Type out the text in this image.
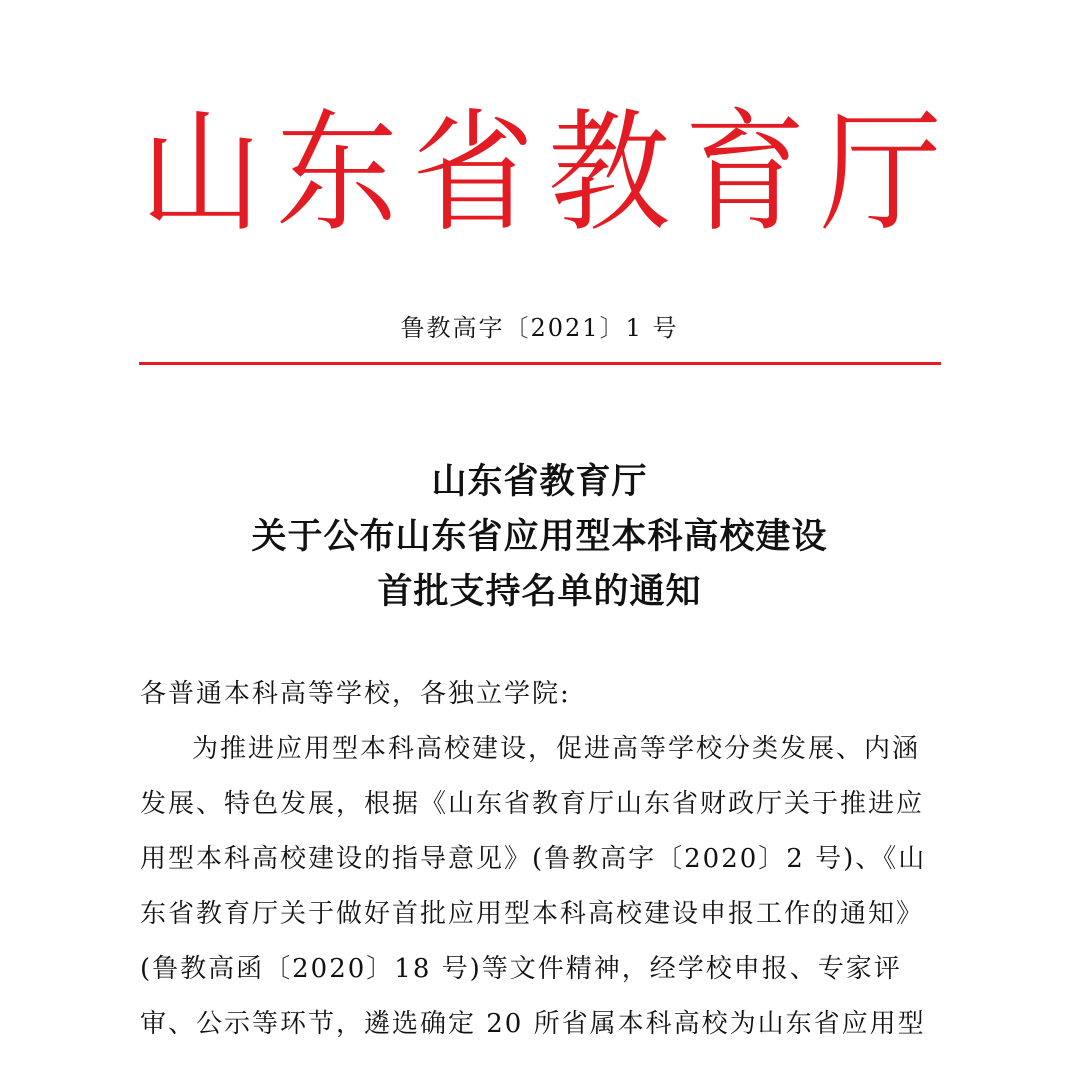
山 东 省 教 育 厅
鲁教高字〔2021〕1 号
山东省教育厅
关于公布山东省应用型本科高校建设
首批支持名单的通知
各普通本科高等学校，各独立学院:
为推进应用型本科高校建设，促进高等学校分类发展、内涵
发展、特色发展，根据《山东省教育厅山东省财政厅关于推进应
用型本科高校建设的指导意见》(鲁教高字〔2020〕2 号)、《山
东省教育厅关于做好首批应用型本科高校建设申报工作的通知》
(鲁教高函〔2020〕18 号)等文件精神，经学校申报、专家评
审、公示等环节，遴选确定 20 所省属本科高校为山东省应用型
